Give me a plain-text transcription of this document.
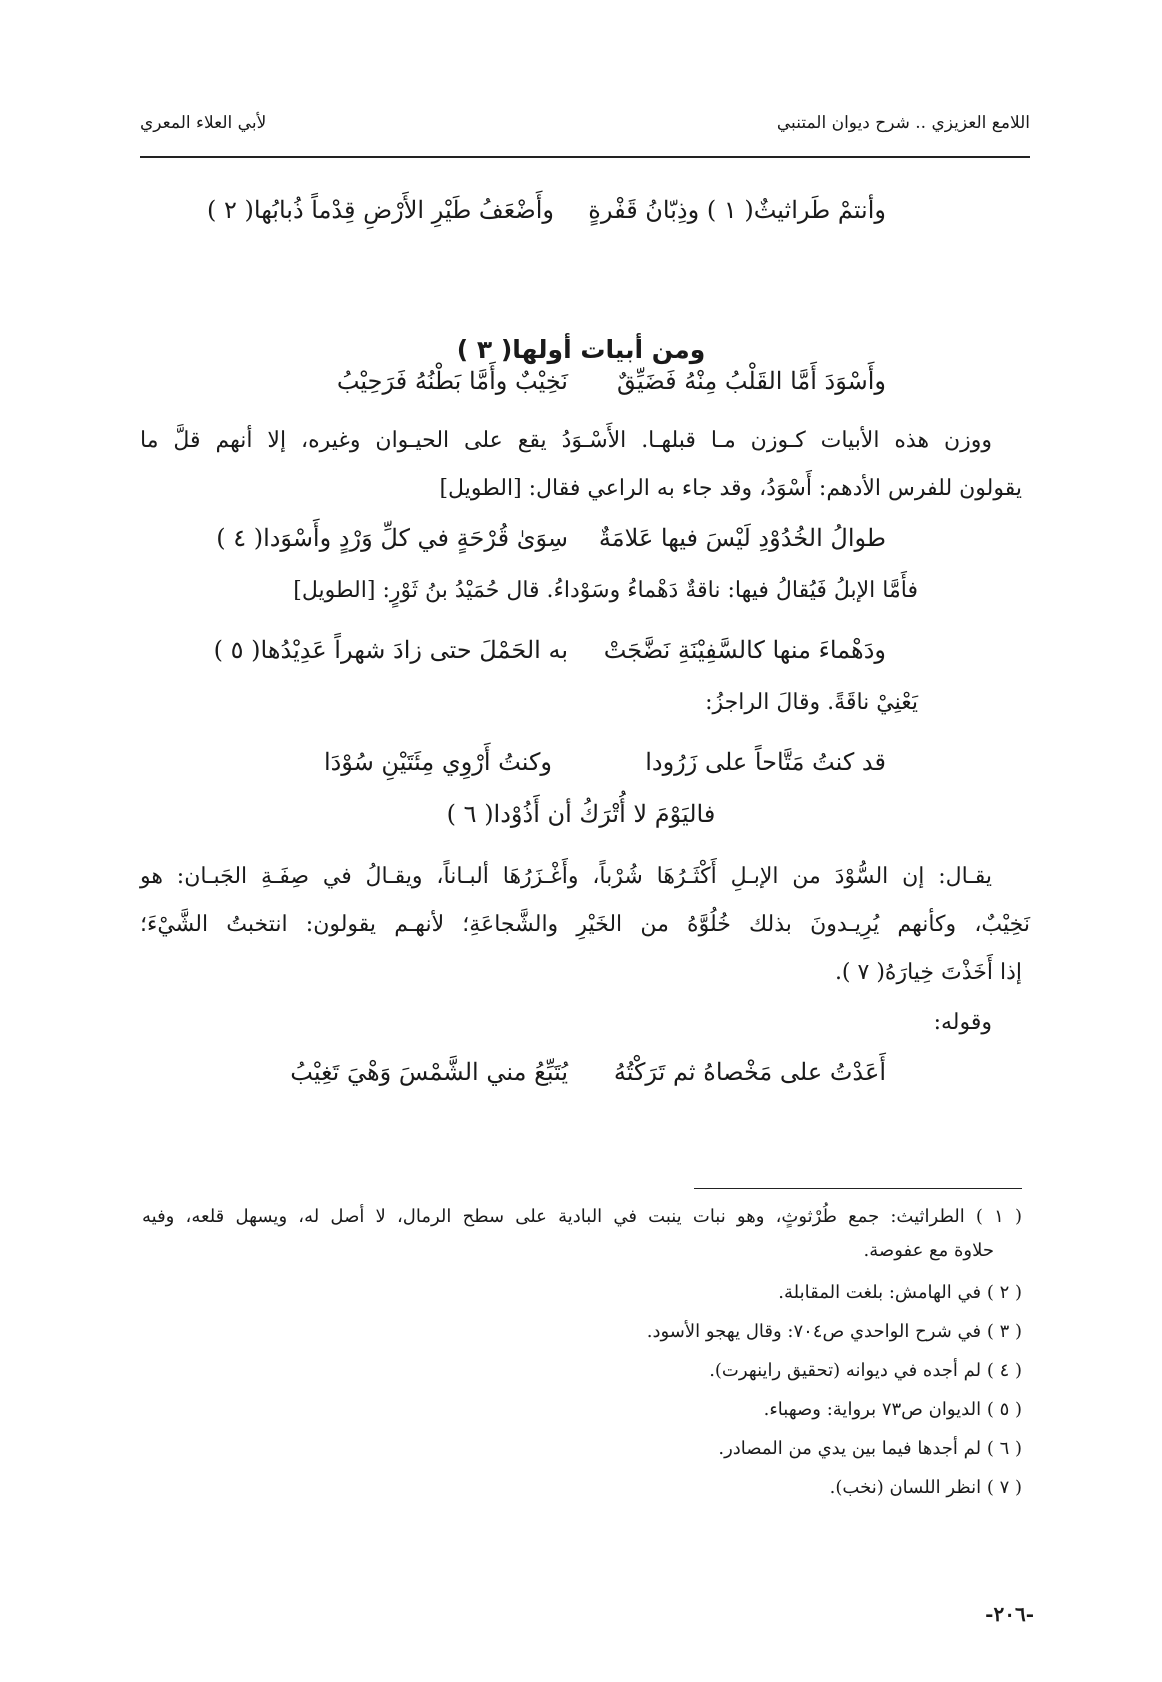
اللامع العزيزي .. شرح ديوان المتنبي
لأبي العلاء المعري
وأنتمْ طَراثيثٌ( ١ ) وذِبّانُ قَفْرةٍ
وأَضْعَفُ طَيْرِ الأَرْضِ قِدْماً ذُبابُها( ٢ )
ومن أبيات أولها( ٣ )
وأَسْوَدَ أَمَّا القَلْبُ مِنْهُ فَضَيِّقٌ
نَخِيْبٌ وأَمَّا بَطْنُهُ فَرَحِيْبُ
ووزن هذه الأبيات كـوزن مـا قبلهـا. الأَسْـوَدُ يقع على الحيـوان وغيره، إلا أنهم قلَّ ما
يقولون للفرس الأدهم: أَسْوَدُ، وقد جاء به الراعي فقال: [الطويل]
طوالُ الخُدُوْدِ لَيْسَ فيها عَلامَةٌ
سِوَىٰ قُرْحَةٍ في كلِّ وَرْدٍ وأَسْوَدا( ٤ )
فأَمَّا الإبلُ فَيُقالُ فيها: ناقةٌ دَهْماءُ وسَوْداءُ. قال حُمَيْدُ بنُ ثَوْرٍ: [الطويل]
ودَهْماءَ منها كالسَّفِيْنَةِ نَضَّجَتْ
به الحَمْلَ حتى زادَ شهراً عَدِيْدُها( ٥ )
يَعْنِيْ ناقَةً. وقالَ الراجزُ:
قد كنتُ مَتَّاحاً على زَرُودا
وكنتُ أَرْوِي مِئَتَيْنِ سُوْدَا
فاليَوْمَ لا أُتْرَكُ أن أَذُوْدا( ٦ )
يقـال: إن السُّوْدَ من الإبـلِ أَكْثَـرُهَا شُرْباً، وأَغْـزَرُهَا ألبـاناً، ويقـالُ في صِفَـةِ الجَبـان: هو
نَخِيْبٌ، وكأنهم يُرِيـدونَ بذلك خُلُوَّهُ من الخَيْرِ والشَّجاعَةِ؛ لأنهـم يقولون: انتخبتُ الشَّيْءَ؛
إذا أَخَذْتَ خِيارَهُ( ٧ ).
وقوله:
أَعَدْتُ على مَخْصاهُ ثم تَرَكْتُهُ
يُتَبِّعُ مني الشَّمْسَ وَهْيَ تَغِيْبُ
( ١ ) الطراثيث: جمع طُرْثوثٍ، وهو نبات ينبت في البادية على سطح الرمال، لا أصل له، ويسهل قلعه، وفيه
حلاوة مع عفوصة.
( ٢ ) في الهامش: بلغت المقابلة.
( ٣ ) في شرح الواحدي ص٧٠٤: وقال يهجو الأسود.
( ٤ ) لم أجده في ديوانه (تحقيق راينهرت).
( ٥ ) الديوان ص٧٣ برواية: وصهباء.
( ٦ ) لم أجدها فيما بين يدي من المصادر.
( ٧ ) انظر اللسان (نخب).
-٢٠٦-
